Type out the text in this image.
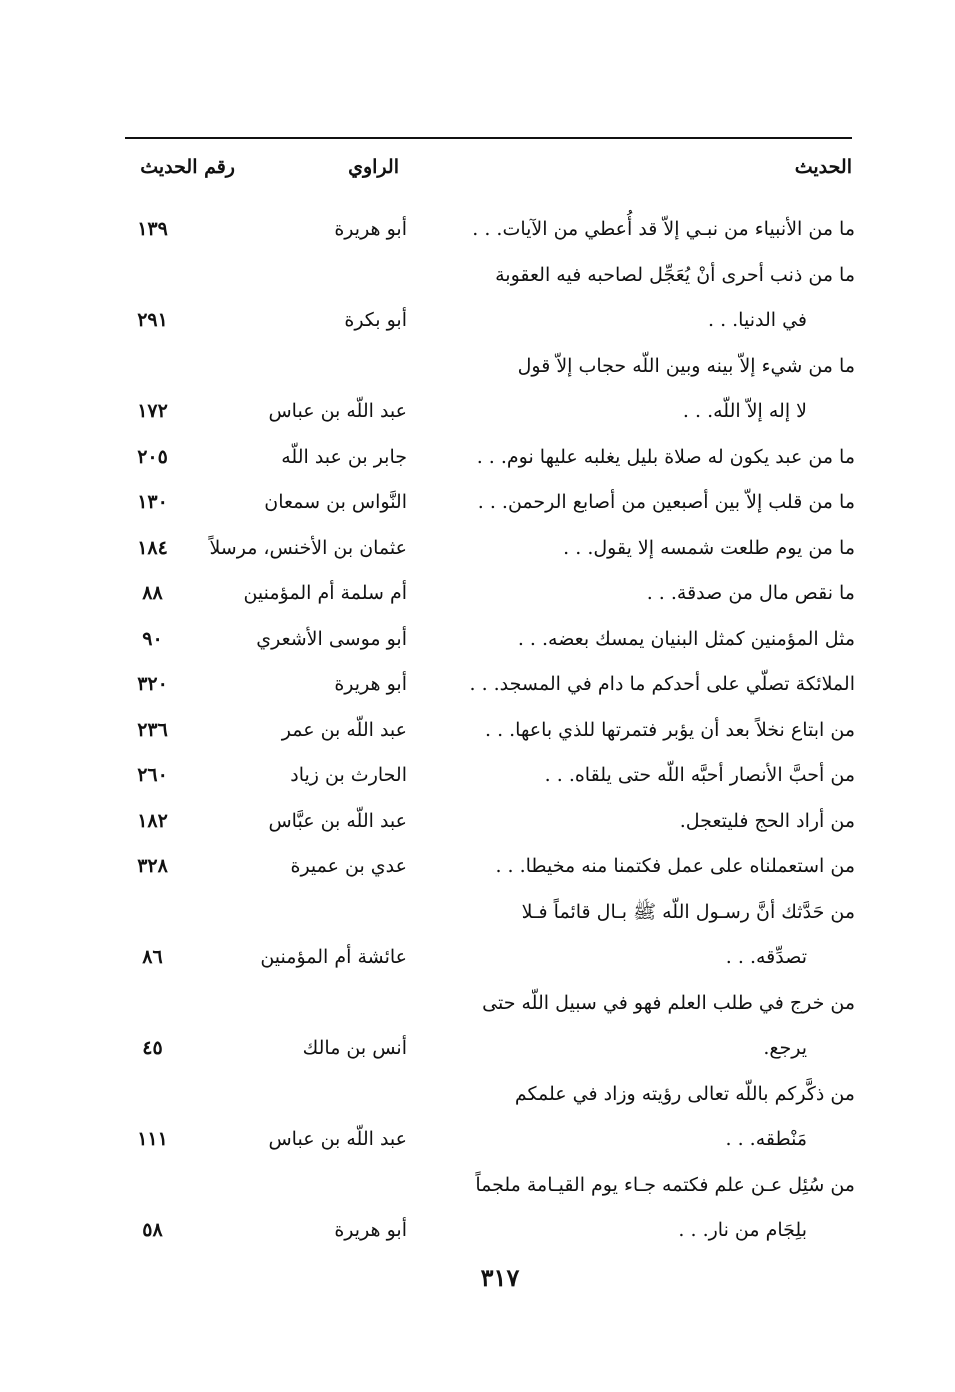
الحديث
الراوي
رقم الحديث
ما من الأنبياء من نبـي إلاّ قد أُعطي من الآيات. . .
أبو هريرة
١٣٩
ما من ذنب أحرى أنْ يُعَجِّل لصاحبه فيه العقوبة
في الدنيا. . .
أبو بكرة
٢٩١
ما من شيء إلاّ بينه وبين اللّه حجاب إلاّ قول
لا إله إلاّ اللّه. . .
عبد اللّه بن عباس
١٧٢
ما من عبد يكون له صلاة بليل يغلبه عليها نوم. . .
جابر بن عبد اللّه
٢٠٥
ما من قلب إلاّ بين أصبعين من أصابع الرحمن. . .
النَّواس بن سمعان
١٣٠
ما من يوم طلعت شمسه إلا يقول. . .
عثمان بن الأخنس، مرسلاً
١٨٤
ما نقص مال من صدقة. . .
أم سلمة أم المؤمنين
٨٨
مثل المؤمنين كمثل البنيان يمسك بعضه. . .
أبو موسى الأشعري
٩٠
الملائكة تصلّي على أحدكم ما دام في المسجد. . .
أبو هريرة
٣٢٠
من ابتاع نخلاً بعد أن يؤبر فتمرتها للذي باعها. . .
عبد اللّه بن عمر
٢٣٦
من أحبَّ الأنصار أحبَّه اللّه حتى يلقاه. . .
الحارث بن زياد
٢٦٠
من أراد الحج فليتعجل.
عبد اللّه بن عبَّاس
١٨٢
من استعملناه على عمل فكتمنا منه مخيطا. . .
عدي بن عميرة
٣٢٨
من حَدَّثك أنَّ رسـول اللّه ﷺ بـال قائماً فـلا
تصدِّقه. . .
عائشة أم المؤمنين
٨٦
من خرج في طلب العلم فهو في سبيل اللّه حتى
يرجع.
أنس بن مالك
٤٥
من ذكَّركم باللّه تعالى رؤيته وزاد في علمكم
مَنْطقه. . .
عبد اللّه بن عباس
١١١
من سُئِل عـن علم فكتمه جـاء يوم القيـامة ملجماً
بلِجَام من نار. . .
أبو هريرة
٥٨
٣١٧
